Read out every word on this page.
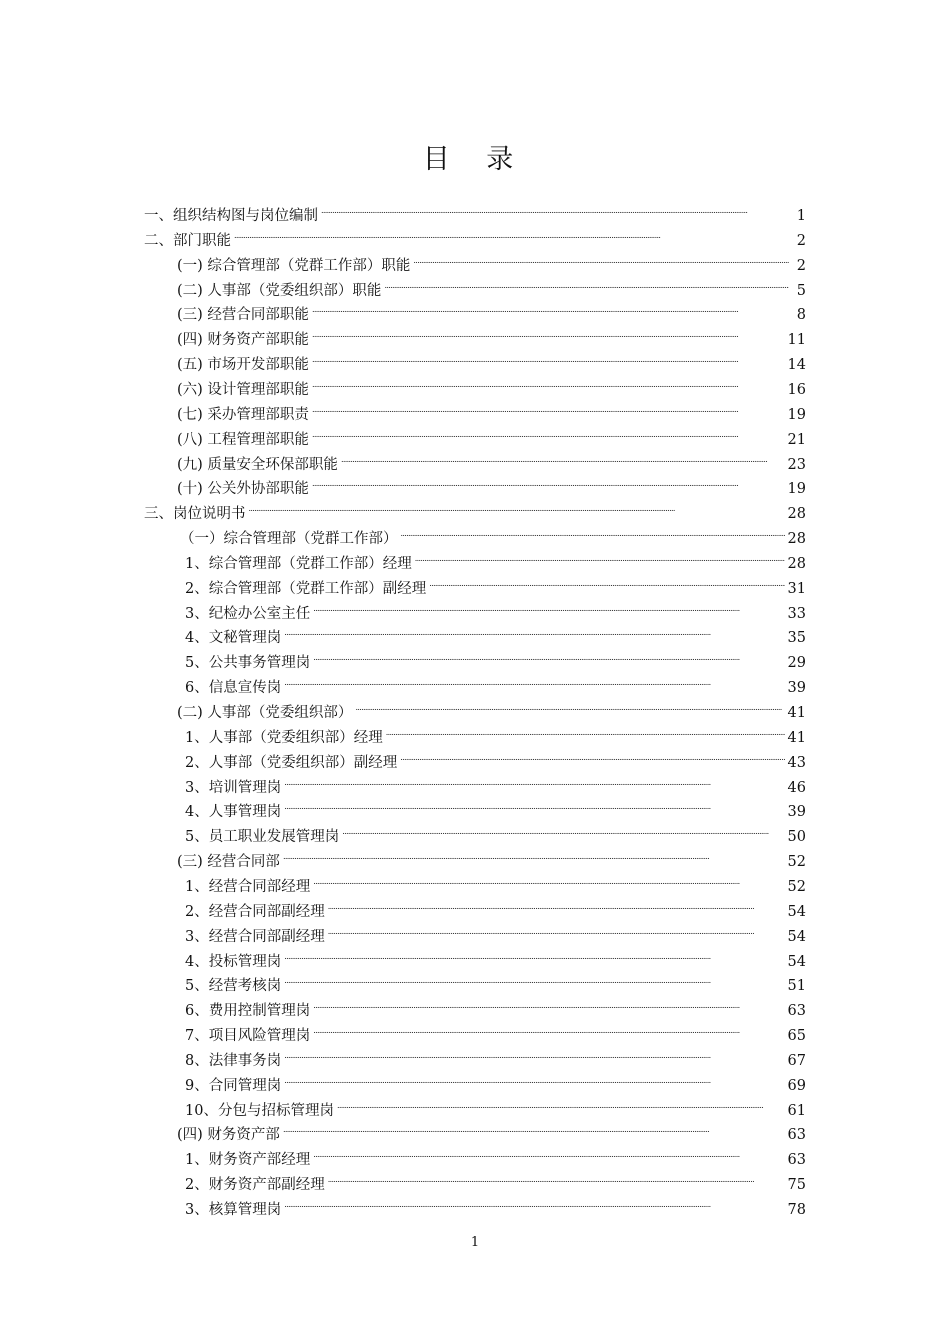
目 录
一、组织结构图与岗位编制 . . .	1
二、部门职能 . . .	2
(一) 综合管理部（党群工作部）职能 . . .	2
(二) 人事部（党委组织部）职能 . . .	5
(三) 经营合同部职能 . . .	8
(四) 财务资产部职能 . . .	11
(五) 市场开发部职能 . . .	14
(六) 设计管理部职能 . . .	16
(七) 采办管理部职责 . . .	19
(八) 工程管理部职能 . . .	21
(九) 质量安全环保部职能 . . .	23
(十) 公关外协部职能 . . .	19
三、岗位说明书 . . .	28
（一）综合管理部（党群工作部） . . .	28
1、综合管理部（党群工作部）经理 . . .	28
2、综合管理部（党群工作部）副经理 . . .	31
3、纪检办公室主任 . . .	33
4、文秘管理岗 . . .	35
5、公共事务管理岗 . . .	29
6、信息宣传岗 . . .	39
(二) 人事部（党委组织部） . . .	41
1、人事部（党委组织部）经理 . . .	41
2、人事部（党委组织部）副经理 . . .	43
3、培训管理岗 . . .	46
4、人事管理岗 . . .	39
5、员工职业发展管理岗 . . .	50
(三) 经营合同部 . . .	52
1、经营合同部经理 . . .	52
2、经营合同部副经理 . . .	54
3、经营合同部副经理 . . .	54
4、投标管理岗 . . .	54
5、经营考核岗 . . .	51
6、费用控制管理岗 . . .	63
7、项目风险管理岗 . . .	65
8、法律事务岗 . . .	67
9、合同管理岗 . . .	69
10、分包与招标管理岗 . . .	61
(四) 财务资产部 . . .	63
1、财务资产部经理 . . .	63
2、财务资产部副经理 . . .	75
3、核算管理岗 . . .	78
1
